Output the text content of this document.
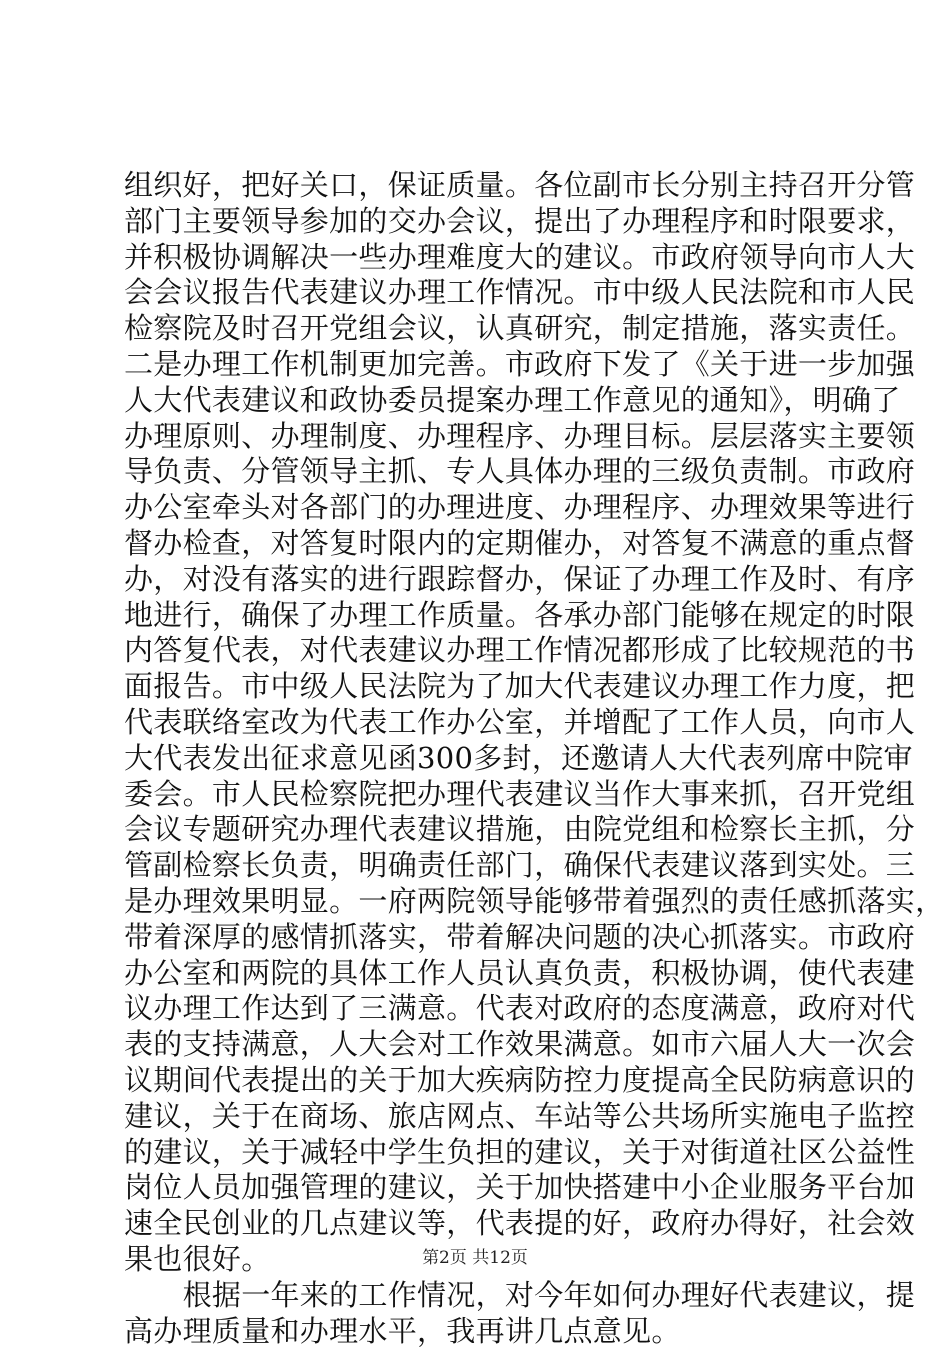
组织好，把好关口，保证质量。各位副市长分别主持召开分管
部门主要领导参加的交办会议，提出了办理程序和时限要求，
并积极协调解决一些办理难度大的建议。市政府领导向市人大
会会议报告代表建议办理工作情况。市中级人民法院和市人民
检察院及时召开党组会议，认真研究，制定措施，落实责任。
二是办理工作机制更加完善。市政府下发了《关于进一步加强
人大代表建议和政协委员提案办理工作意见的通知》，明确了
办理原则、办理制度、办理程序、办理目标。层层落实主要领
导负责、分管领导主抓、专人具体办理的三级负责制。市政府
办公室牵头对各部门的办理进度、办理程序、办理效果等进行
督办检查，对答复时限内的定期催办，对答复不满意的重点督
办，对没有落实的进行跟踪督办，保证了办理工作及时、有序
地进行，确保了办理工作质量。各承办部门能够在规定的时限
内答复代表，对代表建议办理工作情况都形成了比较规范的书
面报告。市中级人民法院为了加大代表建议办理工作力度，把
代表联络室改为代表工作办公室，并增配了工作人员，向市人
大代表发出征求意见函300多封，还邀请人大代表列席中院审
委会。市人民检察院把办理代表建议当作大事来抓，召开党组
会议专题研究办理代表建议措施，由院党组和检察长主抓，分
管副检察长负责，明确责任部门，确保代表建议落到实处。三
是办理效果明显。一府两院领导能够带着强烈的责任感抓落实，
带着深厚的感情抓落实，带着解决问题的决心抓落实。市政府
办公室和两院的具体工作人员认真负责，积极协调，使代表建
议办理工作达到了三满意。代表对政府的态度满意，政府对代
表的支持满意，人大会对工作效果满意。如市六届人大一次会
议期间代表提出的关于加大疾病防控力度提高全民防病意识的
建议，关于在商场、旅店网点、车站等公共场所实施电子监控
的建议，关于减轻中学生负担的建议，关于对街道社区公益性
岗位人员加强管理的建议，关于加快搭建中小企业服务平台加
速全民创业的几点建议等，代表提的好，政府办得好，社会效
果也很好。
　　根据一年来的工作情况，对今年如何办理好代表建议，提
高办理质量和办理水平，我再讲几点意见。
第2页 共12页
